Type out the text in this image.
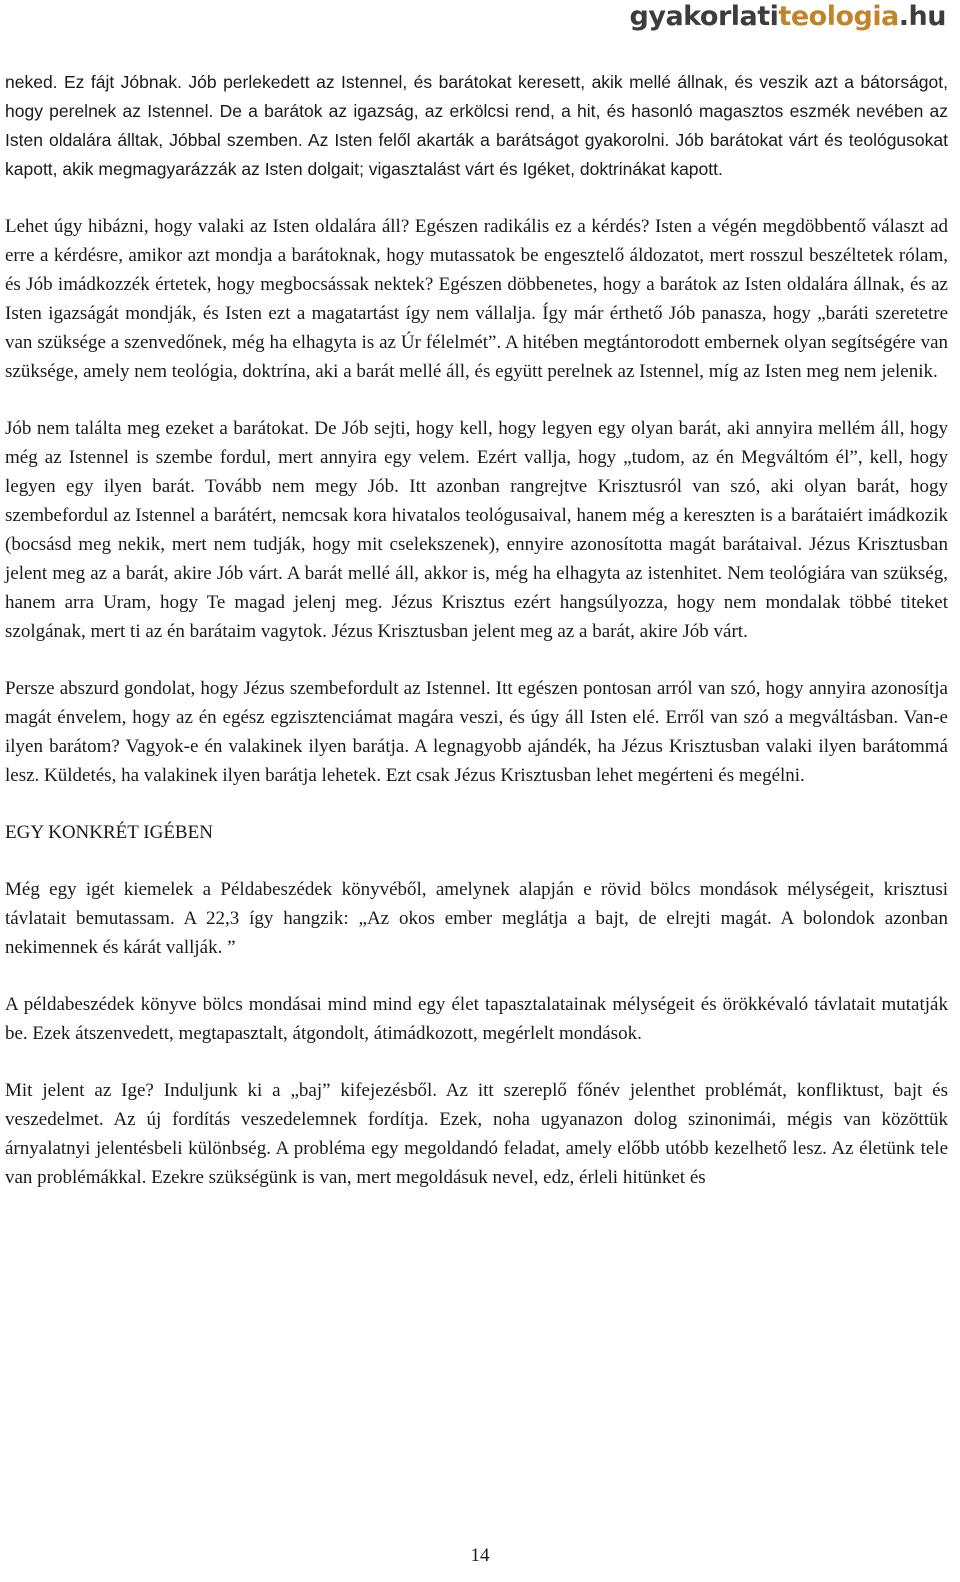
gyakorlatiteologia.hu

neked. Ez fájt Jóbnak. Jób perlekedett az Istennel, és barátokat keresett, akik mellé állnak, és veszik azt a bátorságot, hogy perelnek az Istennel. De a barátok az igazság, az erkölcsi rend, a hit, és hasonló magasztos eszmék nevében az Isten oldalára álltak, Jóbbal szemben. Az Isten felől akarták a barátságot gyakorolni. Jób barátokat várt és teológusokat kapott, akik megmagyarázzák az Isten dolgait; vigasztalást várt és Igéket, doktrinákat kapott.

Lehet úgy hibázni, hogy valaki az Isten oldalára áll? Egészen radikális ez a kérdés? Isten a végén megdöbbentő választ ad erre a kérdésre, amikor azt mondja a barátoknak, hogy mutassatok be engesztelő áldozatot, mert rosszul beszéltetek rólam, és Jób imádkozzék értetek, hogy megbocsássak nektek? Egészen döbbenetes, hogy a barátok az Isten oldalára állnak, és az Isten igazságát mondják, és Isten ezt a magatartást így nem vállalja. Így már érthető Jób panasza, hogy „baráti szeretetre van szüksége a szenvedőnek, még ha elhagyta is az Úr félelmét”. A hitében megtántorodott embernek olyan segítségére van szüksége, amely nem teológia, doktrína, aki a barát mellé áll, és együtt perelnek az Istennel, míg az Isten meg nem jelenik.

Jób nem találta meg ezeket a barátokat. De Jób sejti, hogy kell, hogy legyen egy olyan barát, aki annyira mellém áll, hogy még az Istennel is szembe fordul, mert annyira egy velem. Ezért vallja, hogy „tudom, az én Megváltóm él”, kell, hogy legyen egy ilyen barát. Tovább nem megy Jób. Itt azonban rangrejtve Krisztusról van szó, aki olyan barát, hogy szembefordul az Istennel a barátért, nemcsak kora hivatalos teológusaival, hanem még a kereszten is a barátaiért imádkozik (bocsásd meg nekik, mert nem tudják, hogy mit cselekszenek), ennyire azonosította magát barátaival. Jézus Krisztusban jelent meg az a barát, akire Jób várt. A barát mellé áll, akkor is, még ha elhagyta az istenhitet. Nem teológiára van szükség, hanem arra Uram, hogy Te magad jelenj meg. Jézus Krisztus ezért hangsúlyozza, hogy nem mondalak többé titeket szolgának, mert ti az én barátaim vagytok. Jézus Krisztusban jelent meg az a barát, akire Jób várt.

Persze abszurd gondolat, hogy Jézus szembefordult az Istennel. Itt egészen pontosan arról van szó, hogy annyira azonosítja magát énvelem, hogy az én egész egzisztenciámat magára veszi, és úgy áll Isten elé. Erről van szó a megváltásban. Van-e ilyen barátom? Vagyok-e én valakinek ilyen barátja. A legnagyobb ajándék, ha Jézus Krisztusban valaki ilyen barátommá lesz. Küldetés, ha valakinek ilyen barátja lehetek. Ezt csak Jézus Krisztusban lehet megérteni és megélni.

EGY KONKRÉT IGÉBEN

Még egy igét kiemelek a Példabeszédek könyvéből, amelynek alapján e rövid bölcs mondások mélységeit, krisztusi távlatait bemutassam. A 22,3 így hangzik: „Az okos ember meglátja a bajt, de elrejti magát. A bolondok azonban nekimennek és kárát vallják. ”

A példabeszédek könyve bölcs mondásai mind mind egy élet tapasztalatainak mélységeit és örökkévaló távlatait mutatják be. Ezek átszenvedett, megtapasztalt, átgondolt, átimádkozott, megérlelt mondások.

Mit jelent az Ige? Induljunk ki a „baj” kifejezésből. Az itt szereplő főnév jelenthet problémát, konfliktust, bajt és veszedelmet. Az új fordítás veszedelemnek fordítja. Ezek, noha ugyanazon dolog szinonimái, mégis van közöttük árnyalatnyi jelentésbeli különbség. A probléma egy megoldandó feladat, amely előbb utóbb kezelhető lesz. Az életünk tele van problémákkal. Ezekre szükségünk is van, mert megoldásuk nevel, edz, érleli hitünket és

14
